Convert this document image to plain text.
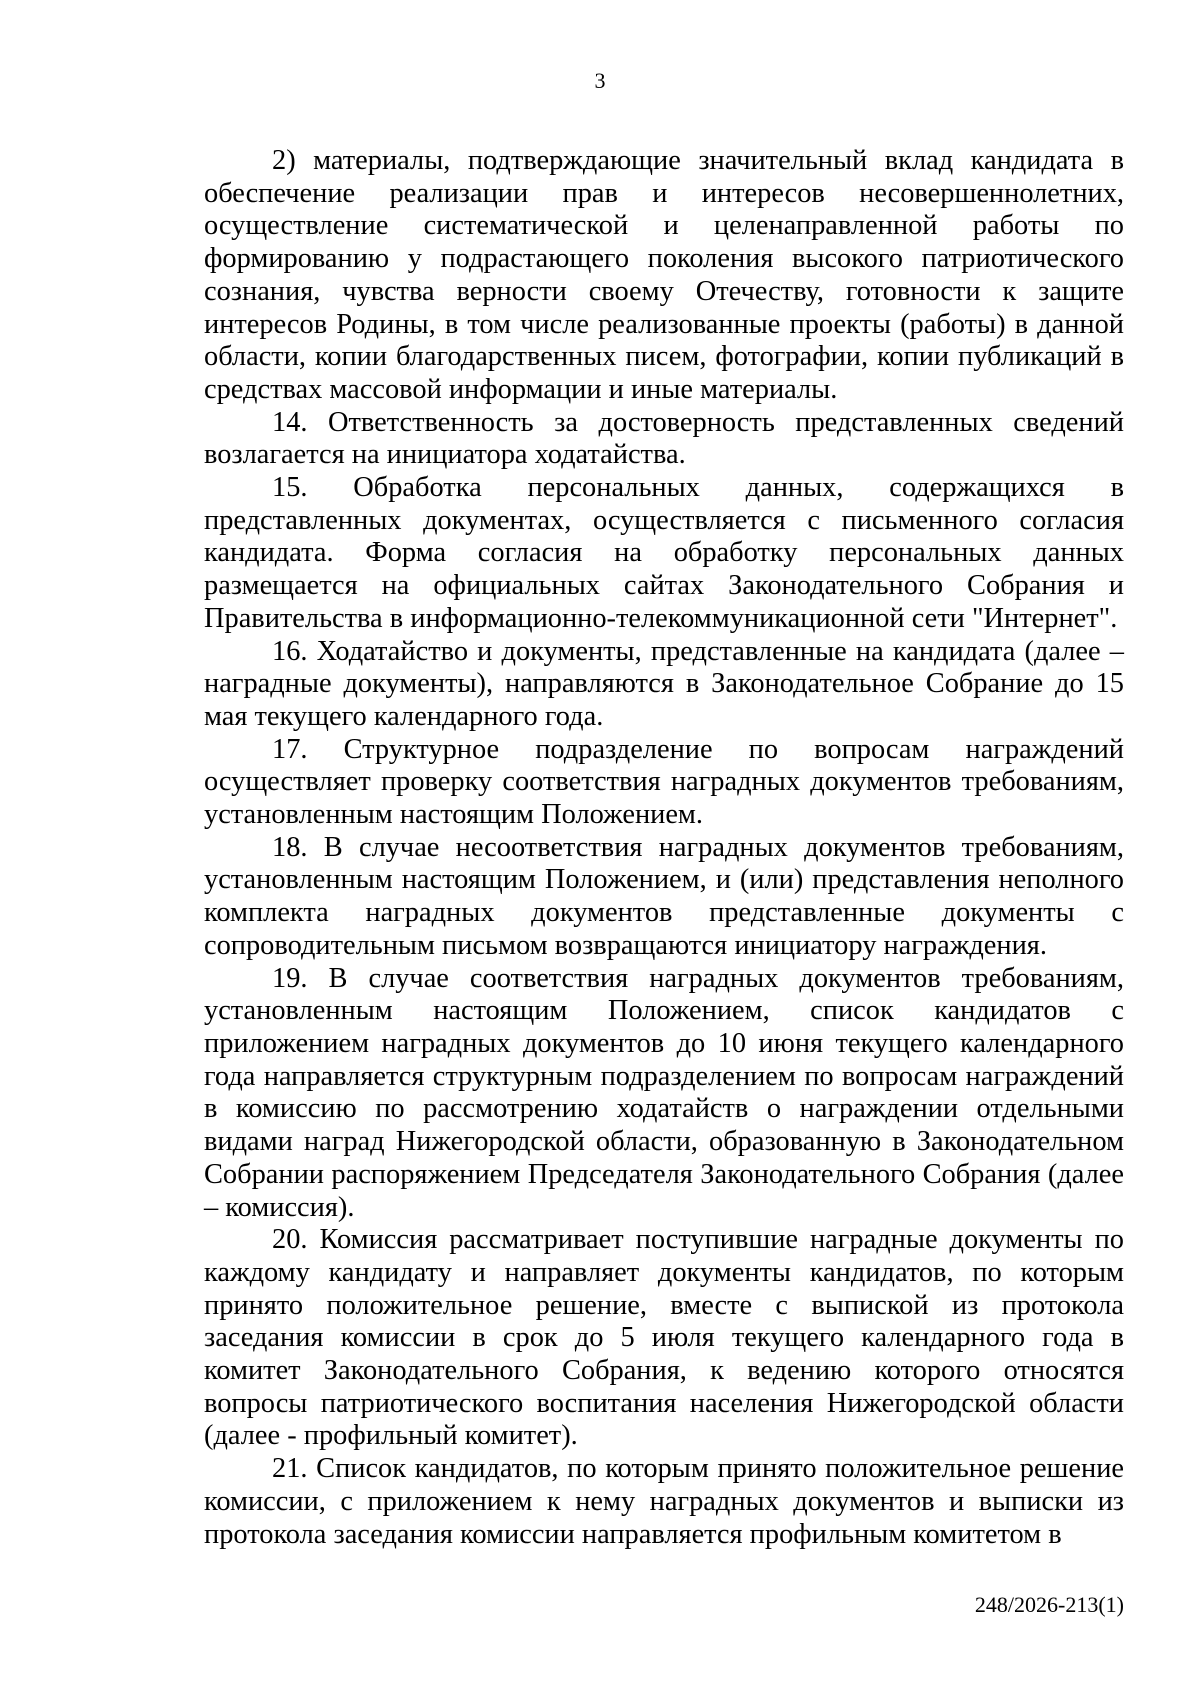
3

2) материалы, подтверждающие значительный вклад кандидата в обеспечение реализации прав и интересов несовершеннолетних, осуществление систематической и целенаправленной работы по формированию у подрастающего поколения высокого патриотического сознания, чувства верности своему Отечеству, готовности к защите интересов Родины, в том числе реализованные проекты (работы) в данной области, копии благодарственных писем, фотографии, копии публикаций в средствах массовой информации и иные материалы.

14. Ответственность за достоверность представленных сведений возлагается на инициатора ходатайства.

15. Обработка персональных данных, содержащихся в представленных документах, осуществляется с письменного согласия кандидата. Форма согласия на обработку персональных данных размещается на официальных сайтах Законодательного Собрания и Правительства в информационно-телекоммуникационной сети "Интернет".

16. Ходатайство и документы, представленные на кандидата (далее – наградные документы), направляются в Законодательное Собрание до 15 мая текущего календарного года.

17. Структурное подразделение по вопросам награждений осуществляет проверку соответствия наградных документов требованиям, установленным настоящим Положением.

18. В случае несоответствия наградных документов требованиям, установленным настоящим Положением, и (или) представления неполного комплекта наградных документов представленные документы с сопроводительным письмом возвращаются инициатору награждения.

19. В случае соответствия наградных документов требованиям, установленным настоящим Положением, список кандидатов с приложением наградных документов до 10 июня текущего календарного года направляется структурным подразделением по вопросам награждений в комиссию по рассмотрению ходатайств о награждении отдельными видами наград Нижегородской области, образованную в Законодательном Собрании распоряжением Председателя Законодательного Собрания (далее – комиссия).

20. Комиссия рассматривает поступившие наградные документы по каждому кандидату и направляет документы кандидатов, по которым принято положительное решение, вместе с выпиской из протокола заседания комиссии в срок до 5 июля текущего календарного года в комитет Законодательного Собрания, к ведению которого относятся вопросы патриотического воспитания населения Нижегородской области (далее - профильный комитет).

21. Список кандидатов, по которым принято положительное решение комиссии, с приложением к нему наградных документов и выписки из протокола заседания комиссии направляется профильным комитетом в

248/2026-213(1)
